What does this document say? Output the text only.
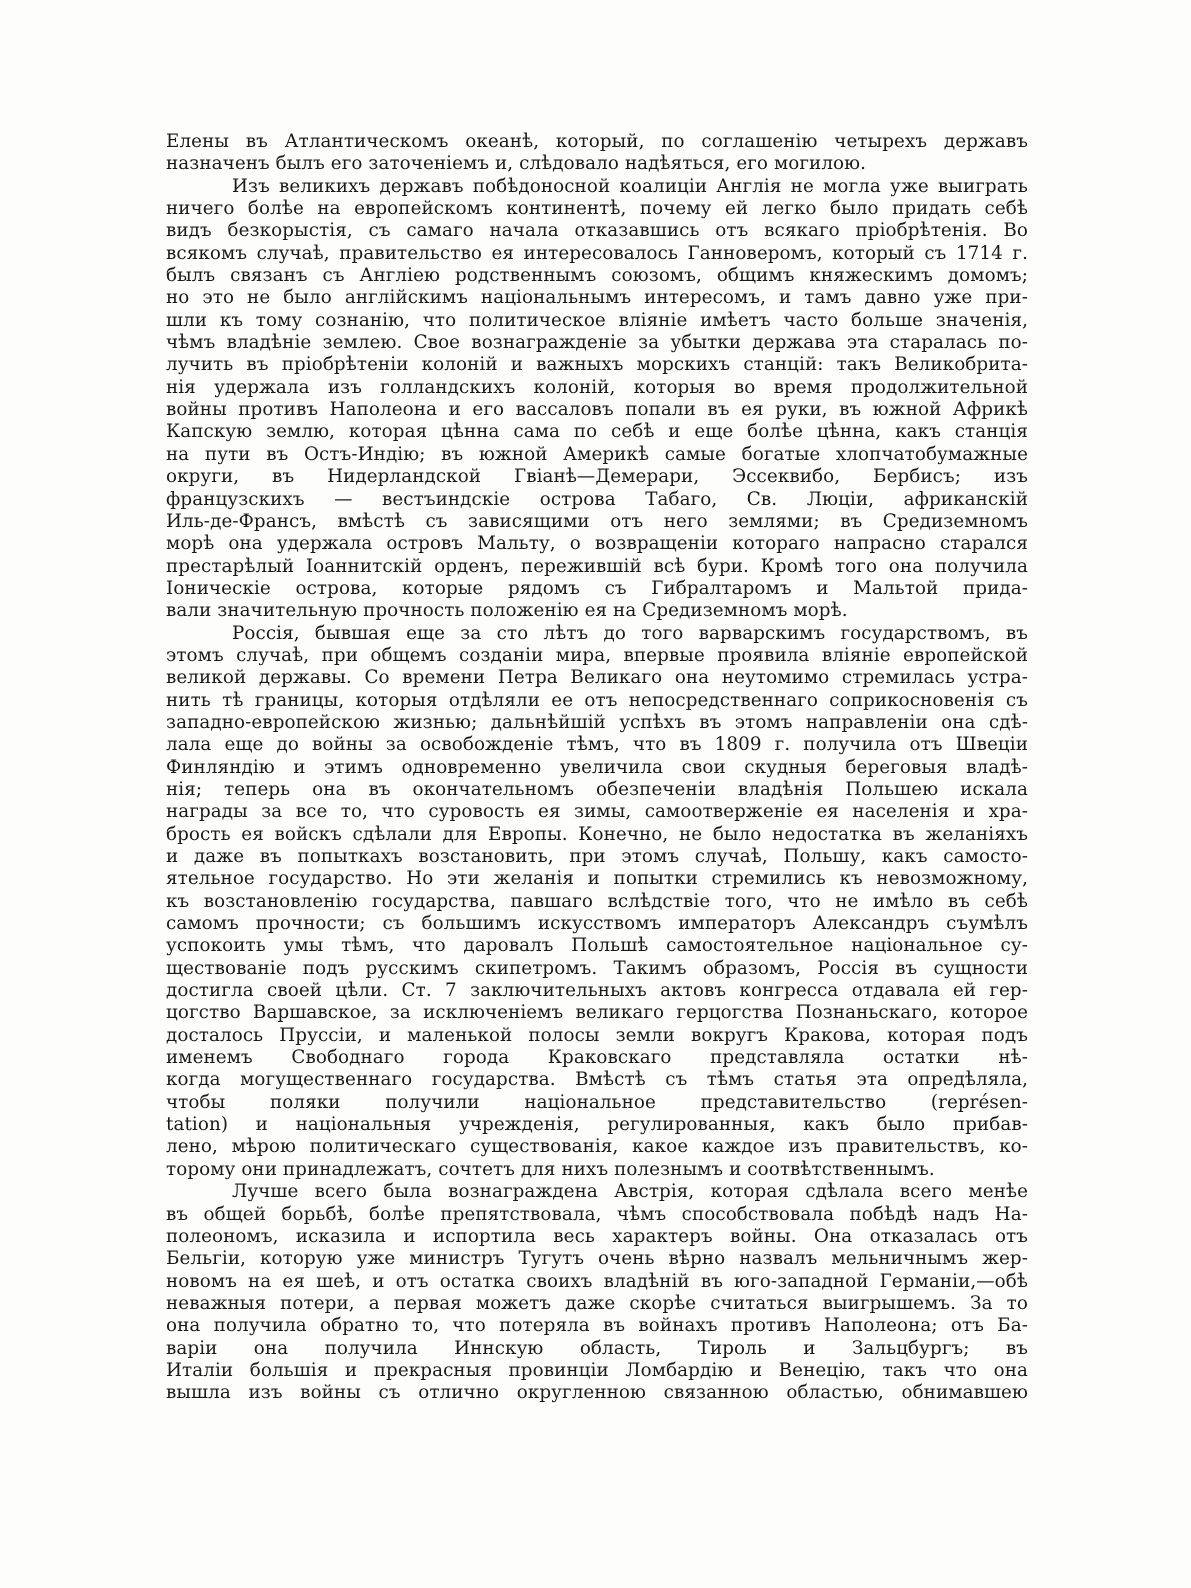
Елены въ Атлантическомъ океанѣ, который, по соглашенію четырехъ державъ
назначенъ былъ его заточеніемъ и, слѣдовало надѣяться, его могилою.
Изъ великихъ державъ побѣдоносной коалиціи Англія не могла уже выиграть
ничего болѣе на европейскомъ континентѣ, почему ей легко было придать себѣ
видъ безкорыстія, съ самаго начала отказавшись отъ всякаго пріобрѣтенія. Во
всякомъ случаѣ, правительство ея интересовалось Ганноверомъ, который съ 1714 г.
былъ связанъ съ Англіею родственнымъ союзомъ, общимъ княжескимъ домомъ;
но это не было англійскимъ національнымъ интересомъ, и тамъ давно уже при-
шли къ тому сознанію, что политическое вліяніе имѣетъ часто больше значенія,
чѣмъ владѣніе землею. Свое вознагражденіе за убытки держава эта старалась по-
лучить въ пріобрѣтеніи колоній и важныхъ морскихъ станцій: такъ Великобрита-
нія удержала изъ голландскихъ колоній, которыя во время продолжительной
войны противъ Наполеона и его вассаловъ попали въ ея руки, въ южной Африкѣ
Капскую землю, которая цѣнна сама по себѣ и еще болѣе цѣнна, какъ станція
на пути въ Остъ-Индію; въ южной Америкѣ самые богатые хлопчатобумажные
округи, въ Нидерландской Гвіанѣ—Демерари, Эссеквибо, Бербисъ; изъ
французскихъ — вестъиндскіе острова Табаго, Св. Люціи, африканскій
Иль-де-Франсъ, вмѣстѣ съ зависящими отъ него землями; въ Средиземномъ
морѣ она удержала островъ Мальту, о возвращеніи котораго напрасно старался
престарѣлый Іоаннитскій орденъ, пережившій всѣ бури. Кромѣ того она получила
Іоническіе острова, которые рядомъ съ Гибралтаромъ и Мальтой прида-
вали значительную прочность положенію ея на Средиземномъ морѣ.
Россія, бывшая еще за сто лѣтъ до того варварскимъ государствомъ, въ
этомъ случаѣ, при общемъ созданіи мира, впервые проявила вліяніе европейской
великой державы. Со времени Петра Великаго она неутомимо стремилась устра-
нить тѣ границы, которыя отдѣляли ее отъ непосредственнаго соприкосновенія съ
западно-европейскою жизнью; дальнѣйшій успѣхъ въ этомъ направленіи она сдѣ-
лала еще до войны за освобожденіе тѣмъ, что въ 1809 г. получила отъ Швеціи
Финляндію и этимъ одновременно увеличила свои скудныя береговыя владѣ-
нія; теперь она въ окончательномъ обезпеченіи владѣнія Польшею искала
награды за все то, что суровость ея зимы, самоотверженіе ея населенія и хра-
брость ея войскъ сдѣлали для Европы. Конечно, не было недостатка въ желаніяхъ
и даже въ попыткахъ возстановить, при этомъ случаѣ, Польшу, какъ самосто-
ятельное государство. Но эти желанія и попытки стремились къ невозможному,
къ возстановленію государства, павшаго вслѣдствіе того, что не имѣло въ себѣ
самомъ прочности; съ большимъ искусствомъ императоръ Александръ съумѣлъ
успокоить умы тѣмъ, что даровалъ Польшѣ самостоятельное національное су-
ществованіе подъ русскимъ скипетромъ. Такимъ образомъ, Россія въ сущности
достигла своей цѣли. Ст. 7 заключительныхъ актовъ конгресса отдавала ей гер-
цогство Варшавское, за исключеніемъ великаго герцогства Познаньскаго, которое
досталось Пруссіи, и маленькой полосы земли вокругъ Кракова, которая подъ
именемъ Свободнаго города Краковскаго представляла остатки нѣ-
когда могущественнаго государства. Вмѣстѣ съ тѣмъ статья эта опредѣляла,
чтобы поляки получили національное представительство (représen-
tation) и національныя учрежденія, регулированныя, какъ было прибав-
лено, мѣрою политическаго существованія, какое каждое изъ правительствъ, ко-
торому они принадлежатъ, сочтетъ для нихъ полезнымъ и соотвѣтственнымъ.
Лучше всего была вознаграждена Австрія, которая сдѣлала всего менѣе
въ общей борьбѣ, болѣе препятствовала, чѣмъ способствовала побѣдѣ надъ На-
полеономъ, исказила и испортила весь характеръ войны. Она отказалась отъ
Бельгіи, которую уже министръ Тугутъ очень вѣрно назвалъ мельничнымъ жер-
новомъ на ея шеѣ, и отъ остатка своихъ владѣній въ юго-западной Германіи,—обѣ
неважныя потери, а первая можетъ даже скорѣе считаться выигрышемъ. За то
она получила обратно то, что потеряла въ войнахъ противъ Наполеона; отъ Ба-
варіи она получила Иннскую область, Тироль и Зальцбургъ; въ
Италіи большія и прекрасныя провинціи Ломбардію и Венецію, такъ что она
вышла изъ войны съ отлично округленною связанною областью, обнимавшею
